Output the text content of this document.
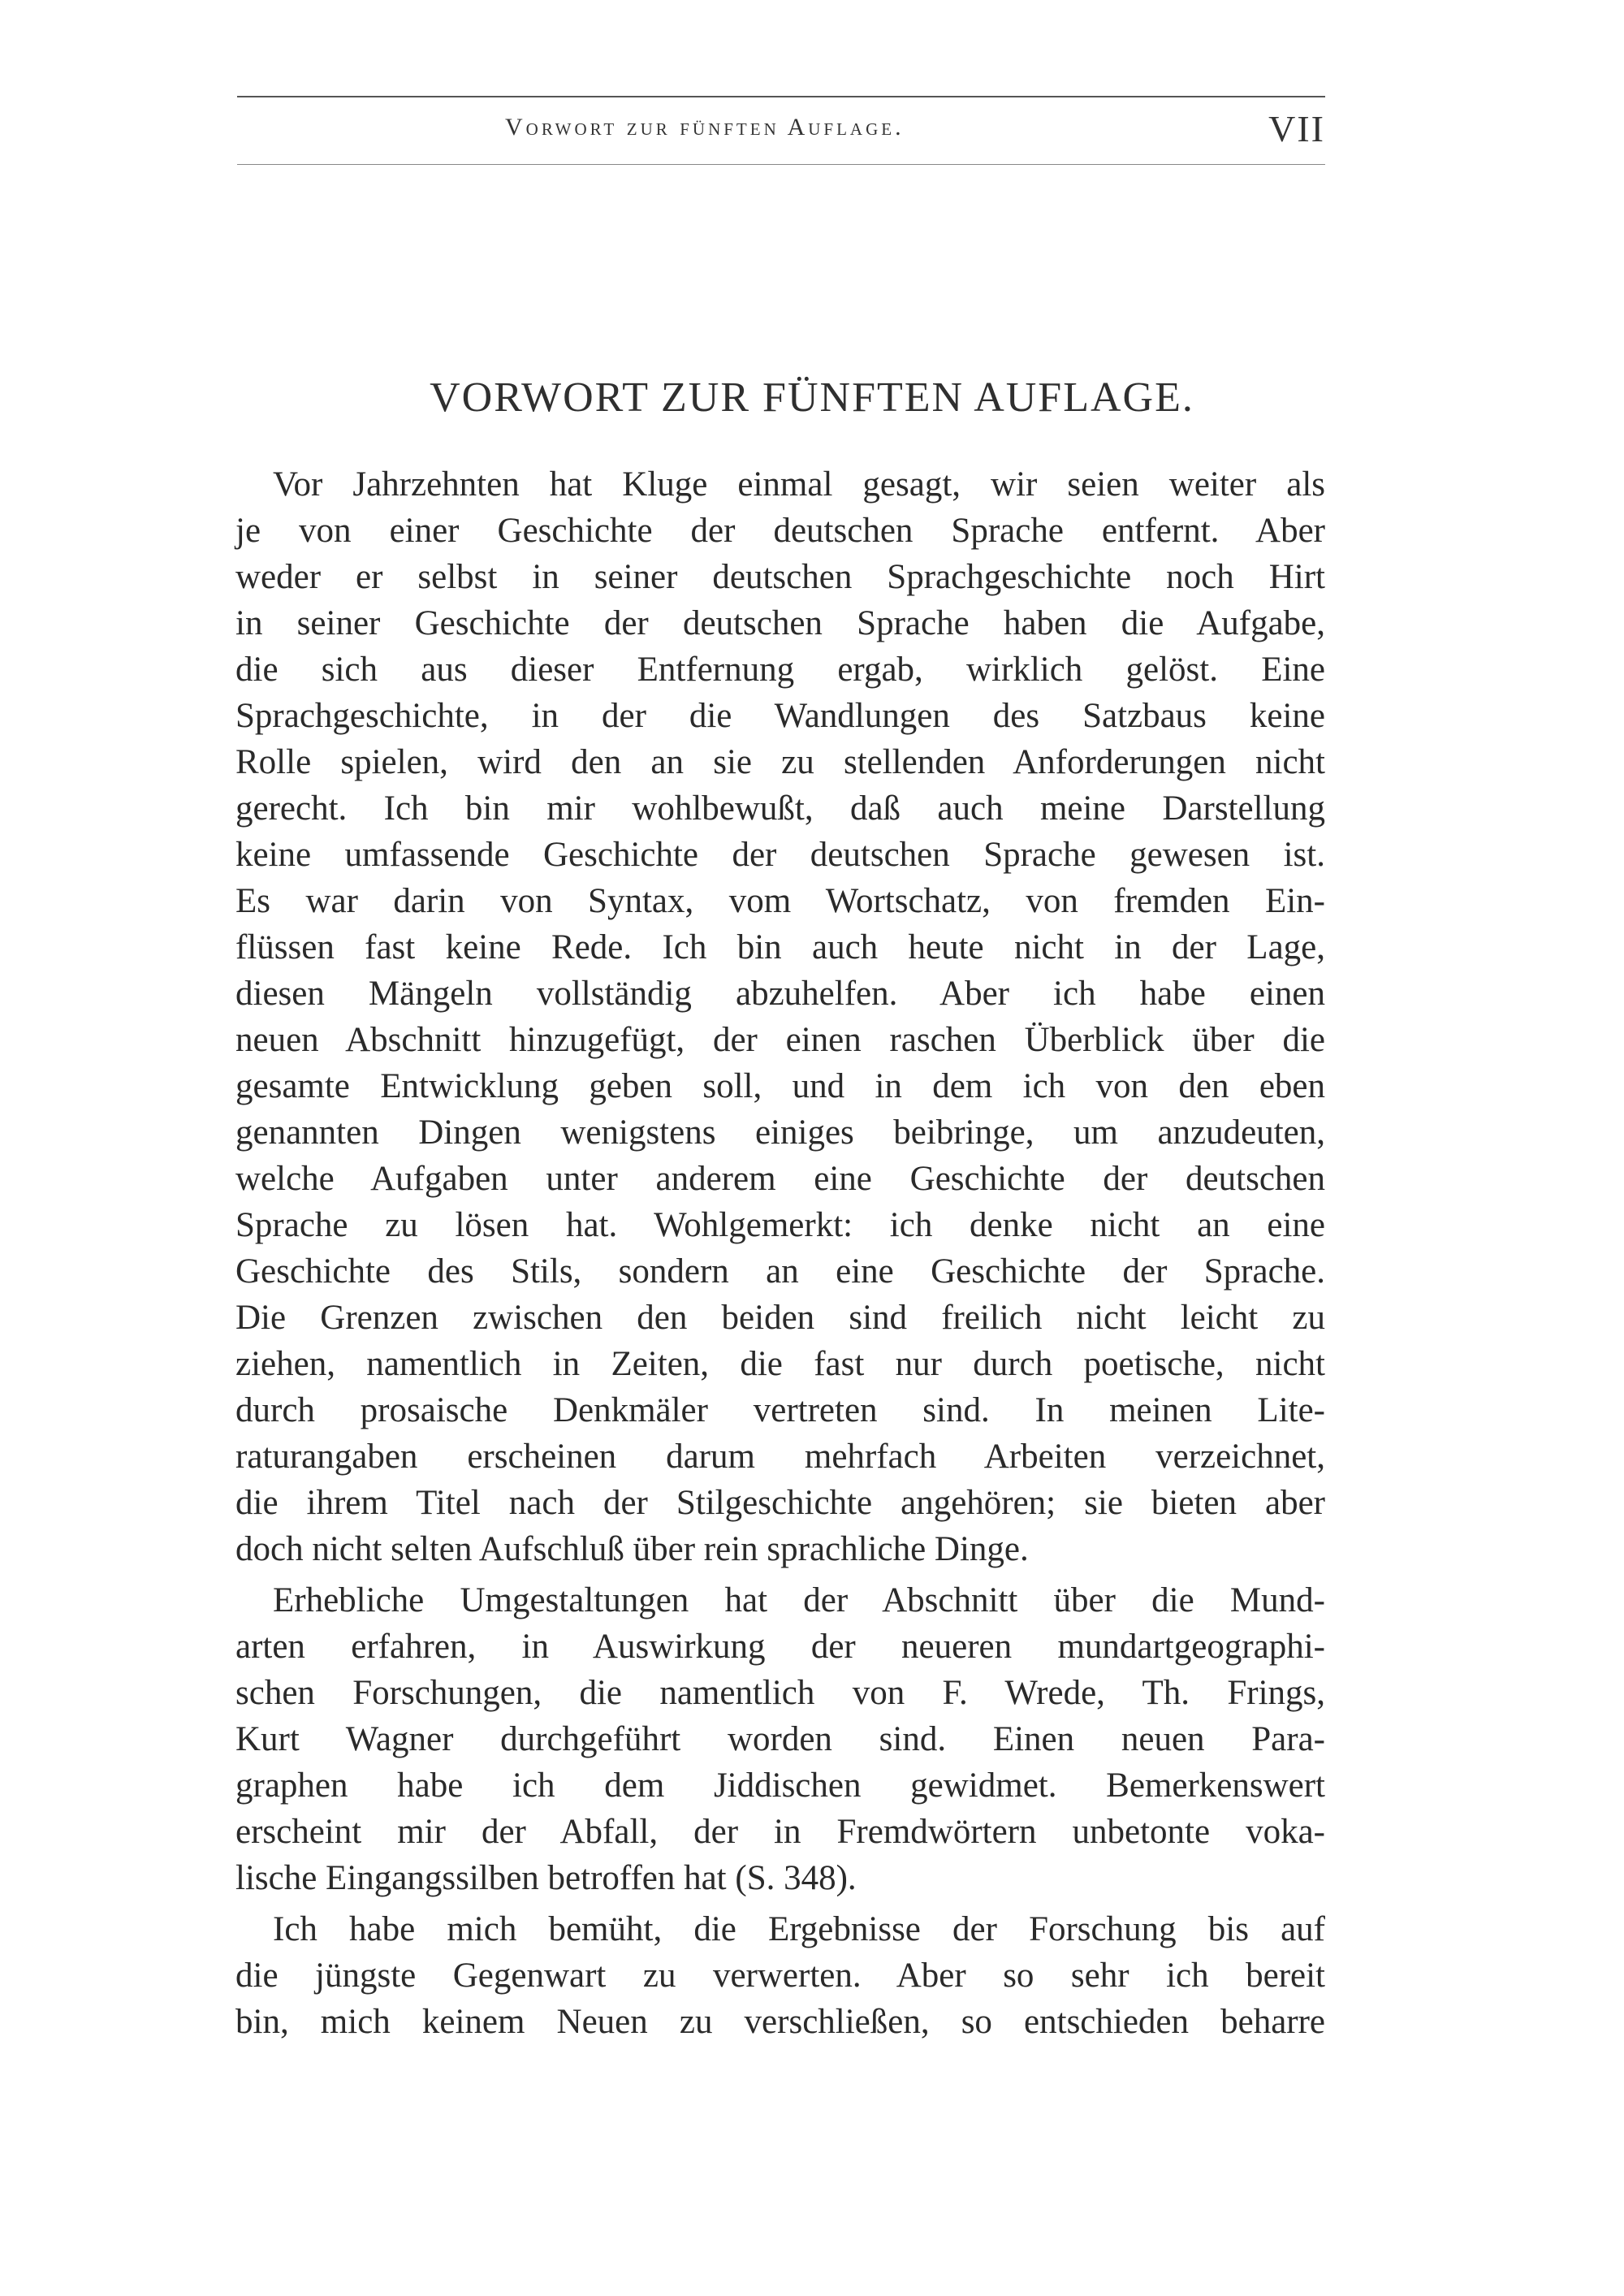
Vorwort zur fünften Auflage.	VII
VORWORT ZUR FÜNFTEN AUFLAGE.
Vor Jahrzehnten hat Kluge einmal gesagt, wir seien weiter als
je von einer Geschichte der deutschen Sprache entfernt. Aber
weder er selbst in seiner deutschen Sprachgeschichte noch Hirt
in seiner Geschichte der deutschen Sprache haben die Aufgabe,
die sich aus dieser Entfernung ergab, wirklich gelöst. Eine
Sprachgeschichte, in der die Wandlungen des Satzbaus keine
Rolle spielen, wird den an sie zu stellenden Anforderungen nicht
gerecht. Ich bin mir wohlbewußt, daß auch meine Darstellung
keine umfassende Geschichte der deutschen Sprache gewesen ist.
Es war darin von Syntax, vom Wortschatz, von fremden Ein-
flüssen fast keine Rede. Ich bin auch heute nicht in der Lage,
diesen Mängeln vollständig abzuhelfen. Aber ich habe einen
neuen Abschnitt hinzugefügt, der einen raschen Überblick über die
gesamte Entwicklung geben soll, und in dem ich von den eben
genannten Dingen wenigstens einiges beibringe, um anzudeuten,
welche Aufgaben unter anderem eine Geschichte der deutschen
Sprache zu lösen hat. Wohlgemerkt: ich denke nicht an eine
Geschichte des Stils, sondern an eine Geschichte der Sprache.
Die Grenzen zwischen den beiden sind freilich nicht leicht zu
ziehen, namentlich in Zeiten, die fast nur durch poetische, nicht
durch prosaische Denkmäler vertreten sind. In meinen Lite-
raturangaben erscheinen darum mehrfach Arbeiten verzeichnet,
die ihrem Titel nach der Stilgeschichte angehören; sie bieten aber
doch nicht selten Aufschluß über rein sprachliche Dinge.
Erhebliche Umgestaltungen hat der Abschnitt über die Mund-
arten erfahren, in Auswirkung der neueren mundartgeographi-
schen Forschungen, die namentlich von F. Wrede, Th. Frings,
Kurt Wagner durchgeführt worden sind. Einen neuen Para-
graphen habe ich dem Jiddischen gewidmet. Bemerkenswert
erscheint mir der Abfall, der in Fremdwörtern unbetonte voka-
lische Eingangssilben betroffen hat (S. 348).
Ich habe mich bemüht, die Ergebnisse der Forschung bis auf
die jüngste Gegenwart zu verwerten. Aber so sehr ich bereit
bin, mich keinem Neuen zu verschließen, so entschieden beharre
